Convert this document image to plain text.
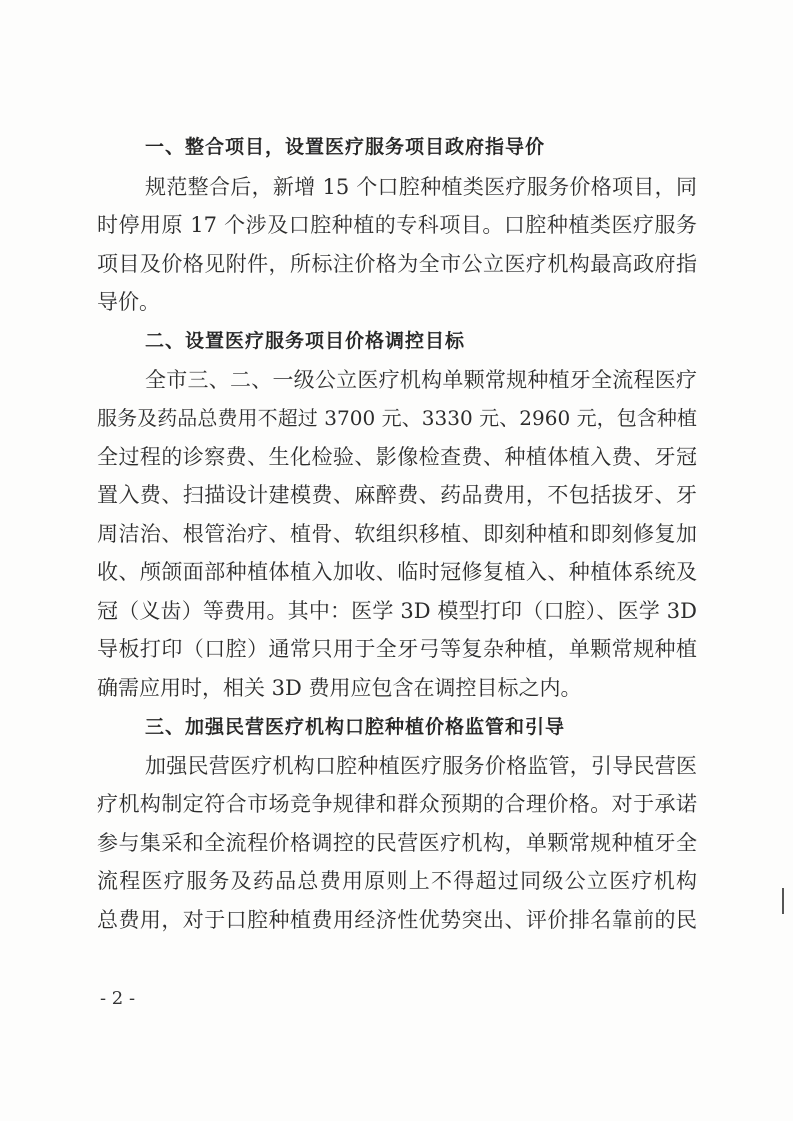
一、整合项目，设置医疗服务项目政府指导价
规范整合后，新增 15 个口腔种植类医疗服务价格项目，同
时停用原 17 个涉及口腔种植的专科项目。口腔种植类医疗服务
项目及价格见附件，所标注价格为全市公立医疗机构最高政府指
导价。
二、设置医疗服务项目价格调控目标
全市三、二、一级公立医疗机构单颗常规种植牙全流程医疗
服务及药品总费用不超过 3700 元、3330 元、2960 元，包含种植
全过程的诊察费、生化检验、影像检查费、种植体植入费、牙冠
置入费、扫描设计建模费、麻醉费、药品费用，不包括拔牙、牙
周洁治、根管治疗、植骨、软组织移植、即刻种植和即刻修复加
收、颅颌面部种植体植入加收、临时冠修复植入、种植体系统及
冠（义齿）等费用。其中：医学 3D 模型打印（口腔）、医学 3D
导板打印（口腔）通常只用于全牙弓等复杂种植，单颗常规种植
确需应用时，相关 3D 费用应包含在调控目标之内。
三、加强民营医疗机构口腔种植价格监管和引导
加强民营医疗机构口腔种植医疗服务价格监管，引导民营医
疗机构制定符合市场竞争规律和群众预期的合理价格。对于承诺
参与集采和全流程价格调控的民营医疗机构，单颗常规种植牙全
流程医疗服务及药品总费用原则上不得超过同级公立医疗机构
总费用，对于口腔种植费用经济性优势突出、评价排名靠前的民
- 2 -
